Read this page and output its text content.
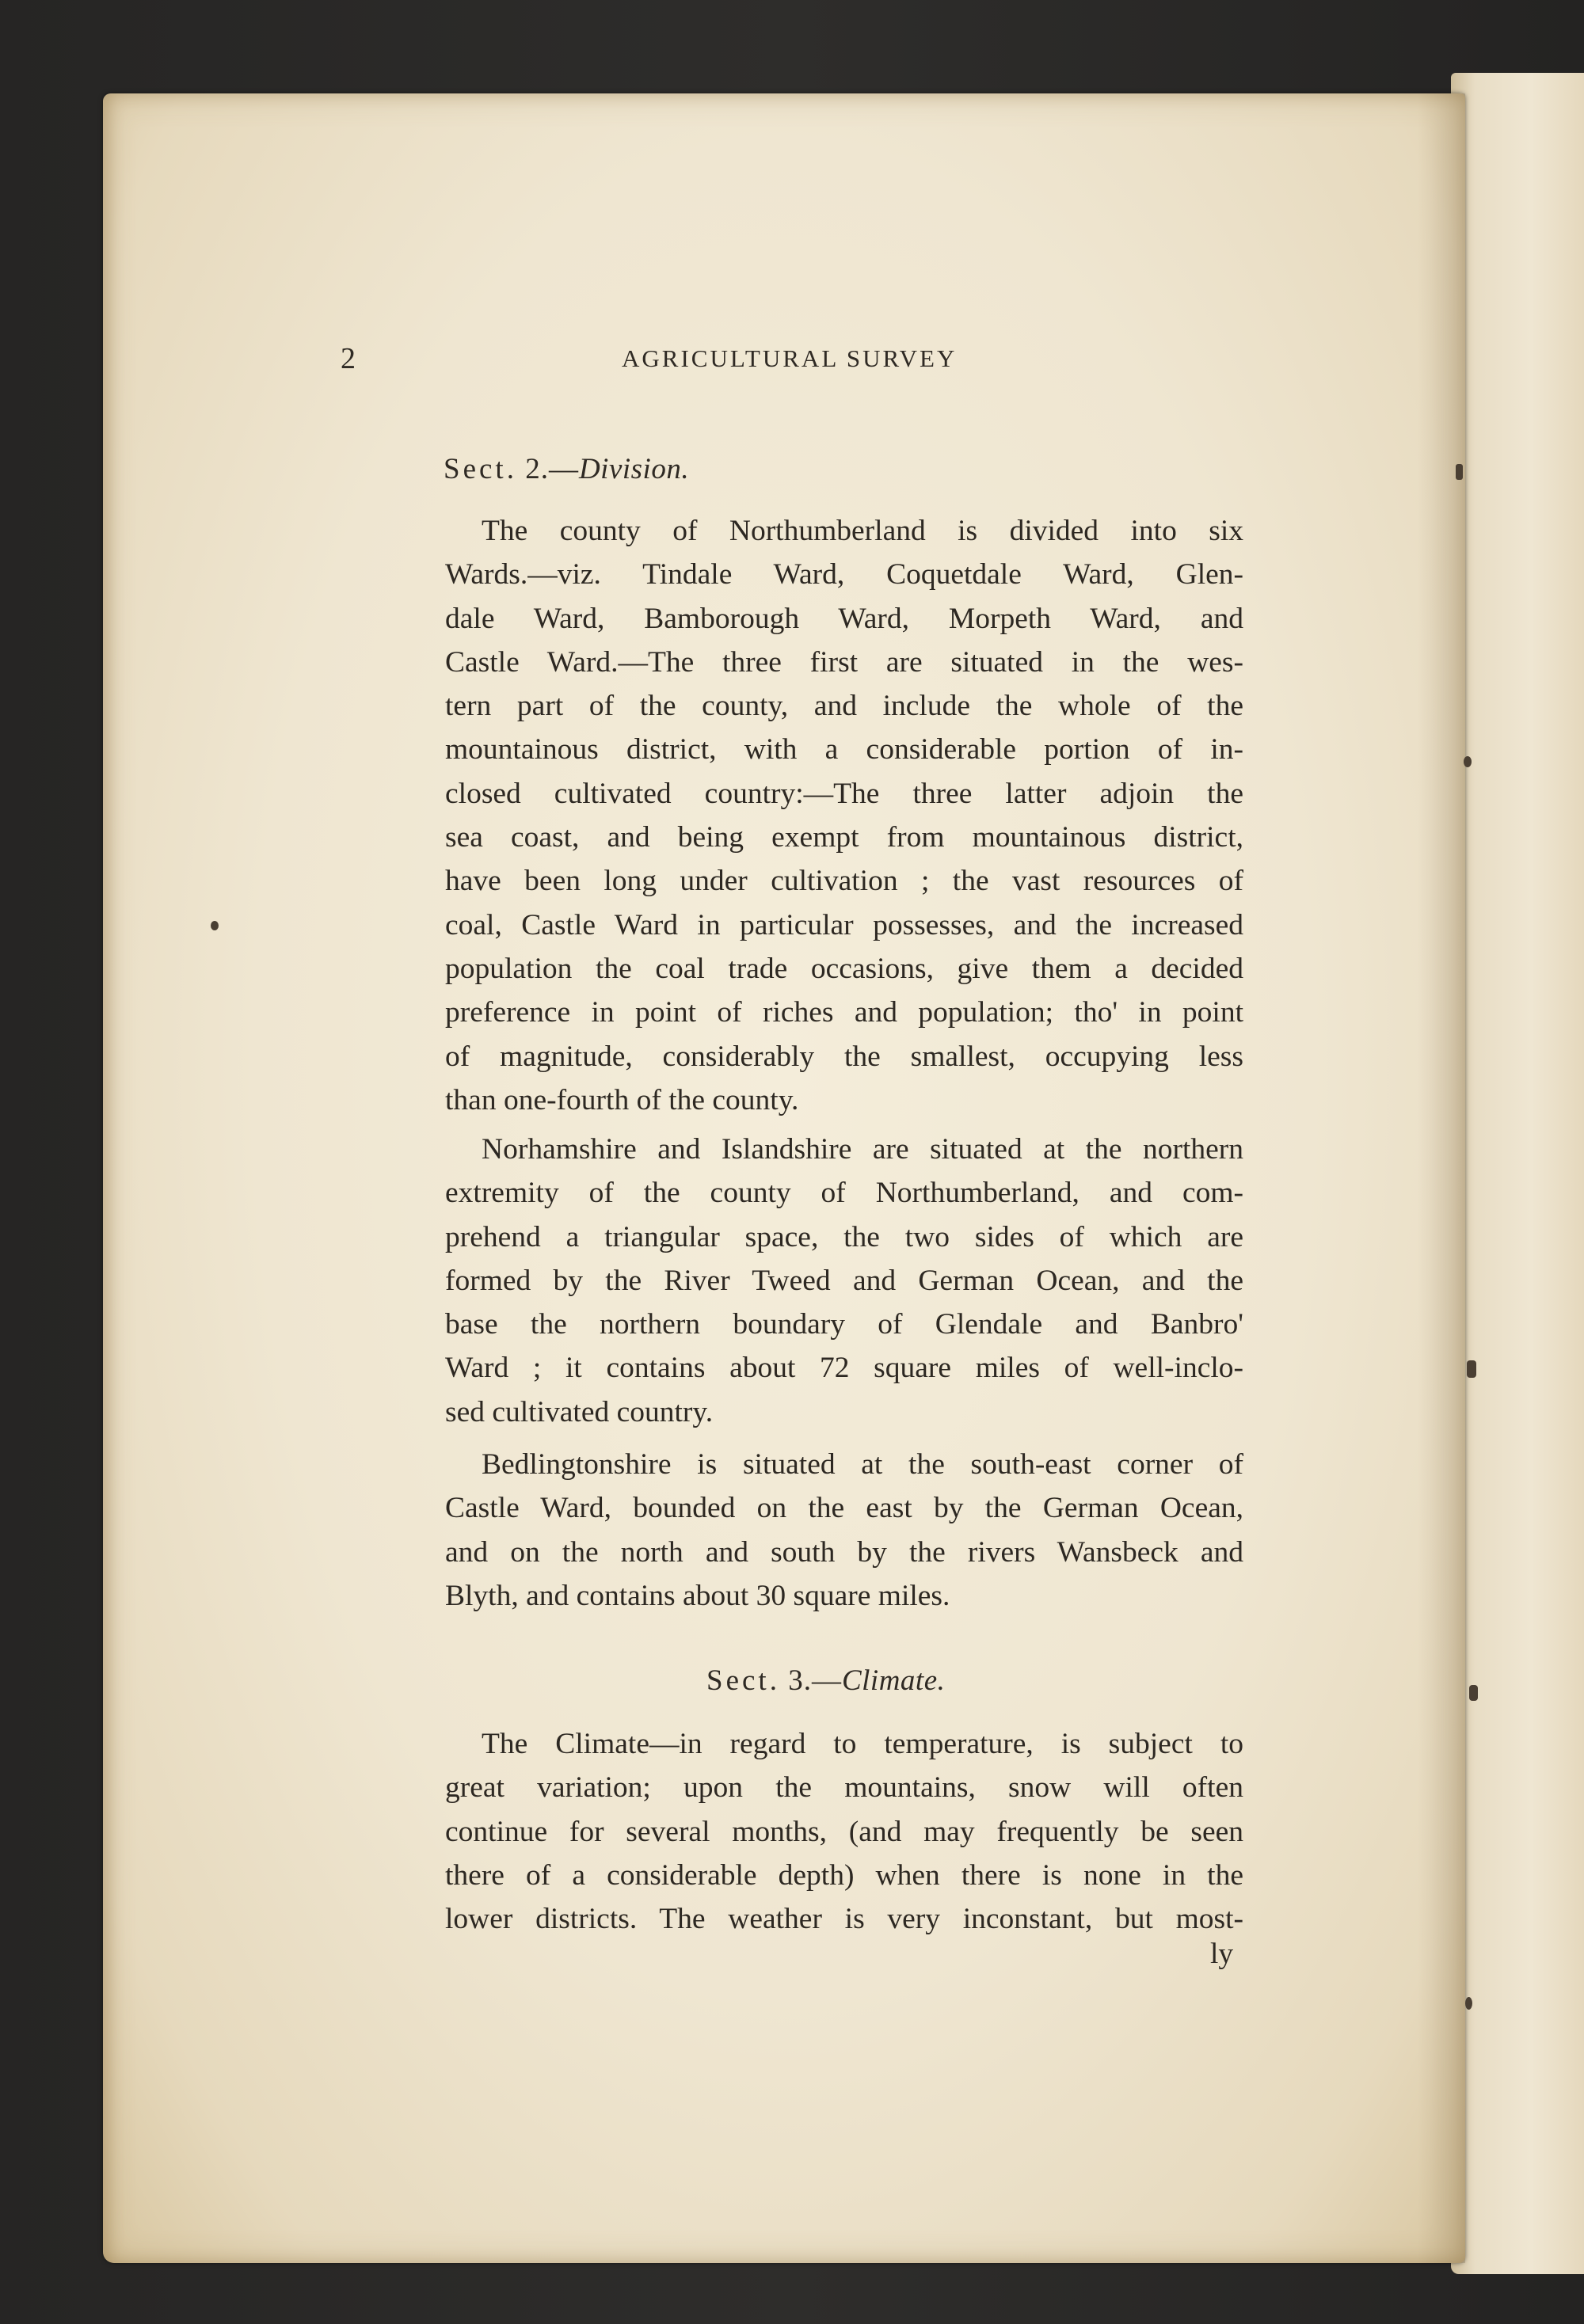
2	AGRICULTURAL SURVEY
Sect. 2.—Division.
The county of Northumberland is divided into six
Wards.—viz. Tindale Ward, Coquetdale Ward, Glen-
dale Ward, Bamborough Ward, Morpeth Ward, and
Castle Ward.—The three first are situated in the wes-
tern part of the county, and include the whole of the
mountainous district, with a considerable portion of in-
closed cultivated country:—The three latter adjoin the
sea coast, and being exempt from mountainous district,
have been long under cultivation ; the vast resources of
coal, Castle Ward in particular possesses, and the increased
population the coal trade occasions, give them a decided
preference in point of riches and population; tho' in point
of magnitude, considerably the smallest, occupying less
than one-fourth of the county.
Norhamshire and Islandshire are situated at the northern
extremity of the county of Northumberland, and com-
prehend a triangular space, the two sides of which are
formed by the River Tweed and German Ocean, and the
base the northern boundary of Glendale and Banbro'
Ward ; it contains about 72 square miles of well-inclo-
sed cultivated country.
Bedlingtonshire is situated at the south-east corner of
Castle Ward, bounded on the east by the German Ocean,
and on the north and south by the rivers Wansbeck and
Blyth, and contains about 30 square miles.
Sect. 3.—Climate.
The Climate—in regard to temperature, is subject to
great variation; upon the mountains, snow will often
continue for several months, (and may frequently be seen
there of a considerable depth) when there is none in the
lower districts. The weather is very inconstant, but most-
ly
